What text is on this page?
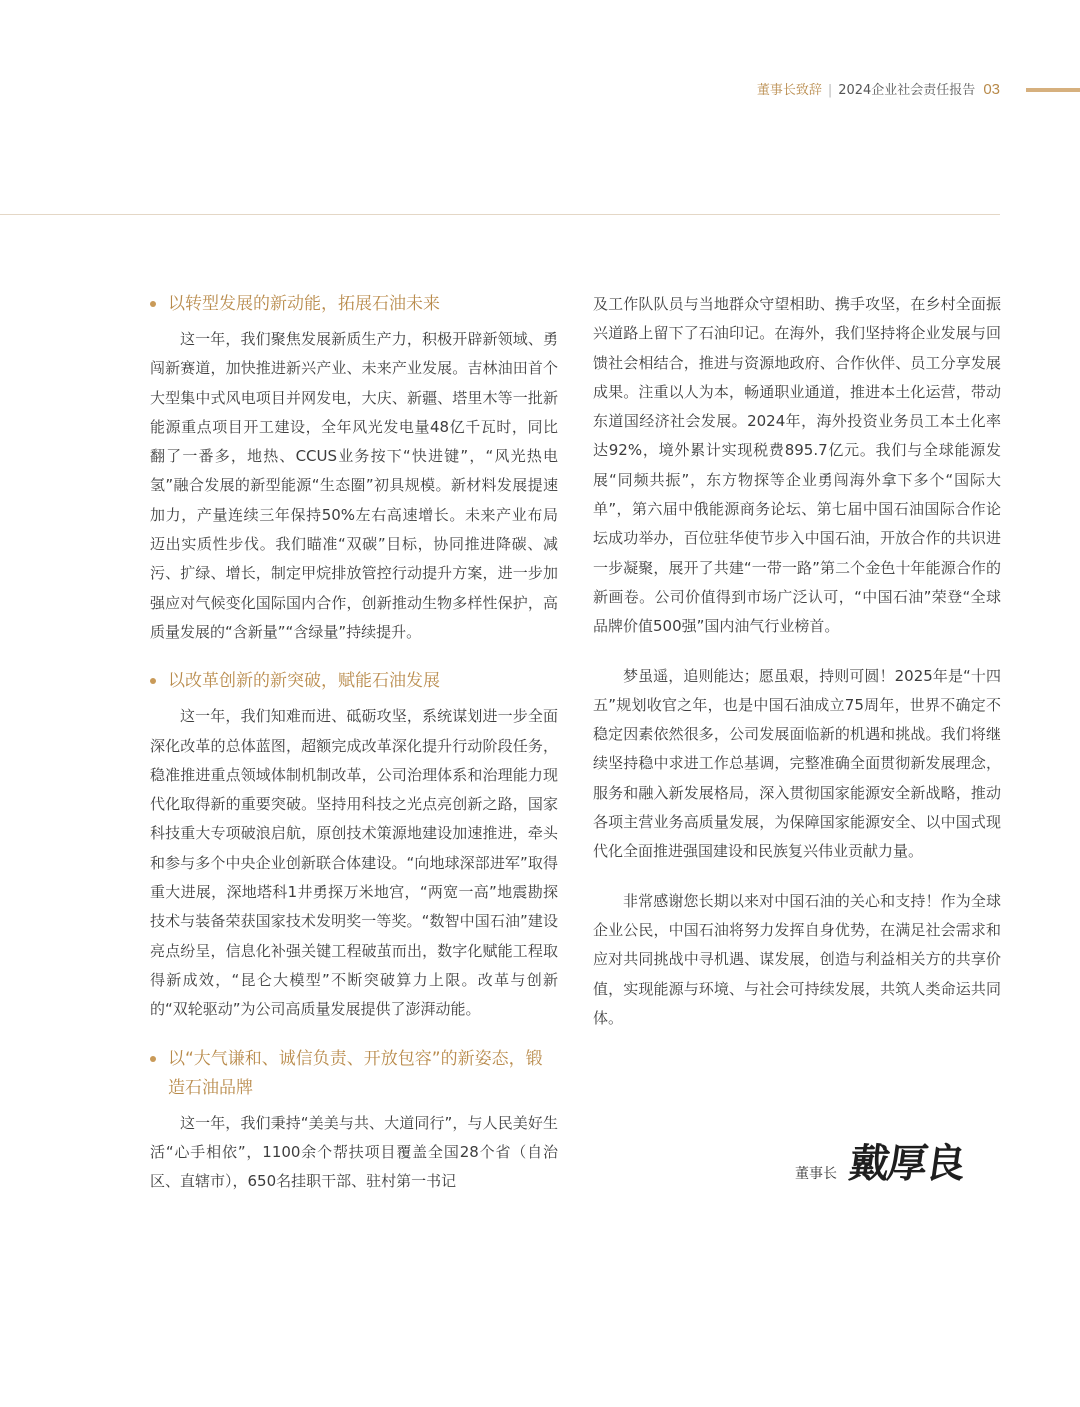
董事长致辞 | 2024企业社会责任报告 03
以转型发展的新动能，拓展石油未来

这一年，我们聚焦发展新质生产力，积极开辟新领域、勇闯新赛道，加快推进新兴产业、未来产业发展。吉林油田首个大型集中式风电项目并网发电，大庆、新疆、塔里木等一批新能源重点项目开工建设，全年风光发电量48亿千瓦时，同比翻了一番多，地热、CCUS业务按下“快进键”，“风光热电氢”融合发展的新型能源“生态圈”初具规模。新材料发展提速加力，产量连续三年保持50%左右高速增长。未来产业布局迈出实质性步伐。我们瞄准“双碳”目标，协同推进降碳、减污、扩绿、增长，制定甲烷排放管控行动提升方案，进一步加强应对气候变化国际国内合作，创新推动生物多样性保护，高质量发展的“含新量”“含绿量”持续提升。

以改革创新的新突破，赋能石油发展

这一年，我们知难而进、砥砺攻坚，系统谋划进一步全面深化改革的总体蓝图，超额完成改革深化提升行动阶段任务，稳准推进重点领域体制机制改革，公司治理体系和治理能力现代化取得新的重要突破。坚持用科技之光点亮创新之路，国家科技重大专项破浪启航，原创技术策源地建设加速推进，牵头和参与多个中央企业创新联合体建设。“向地球深部进军”取得重大进展，深地塔科1井勇探万米地宫，“两宽一高”地震勘探技术与装备荣获国家技术发明奖一等奖。“数智中国石油”建设亮点纷呈，信息化补强关键工程破茧而出，数字化赋能工程取得新成效，“昆仑大模型”不断突破算力上限。改革与创新的“双轮驱动”为公司高质量发展提供了澎湃动能。

以“大气谦和、诚信负责、开放包容”的新姿态，锻造石油品牌

这一年，我们秉持“美美与共、大道同行”，与人民美好生活“心手相依”，1100余个帮扶项目覆盖全国28个省（自治区、直辖市），650名挂职干部、驻村第一书记

及工作队队员与当地群众守望相助、携手攻坚，在乡村全面振兴道路上留下了石油印记。在海外，我们坚持将企业发展与回馈社会相结合，推进与资源地政府、合作伙伴、员工分享发展成果。注重以人为本，畅通职业通道，推进本土化运营，带动东道国经济社会发展。2024年，海外投资业务员工本土化率达92%，境外累计实现税费895.7亿元。我们与全球能源发展“同频共振”，东方物探等企业勇闯海外拿下多个“国际大单”，第六届中俄能源商务论坛、第七届中国石油国际合作论坛成功举办，百位驻华使节步入中国石油，开放合作的共识进一步凝聚，展开了共建“一带一路”第二个金色十年能源合作的新画卷。公司价值得到市场广泛认可，“中国石油”荣登“全球品牌价值500强”国内油气行业榜首。

梦虽遥，追则能达；愿虽艰，持则可圆！2025年是“十四五”规划收官之年，也是中国石油成立75周年，世界不确定不稳定因素依然很多，公司发展面临新的机遇和挑战。我们将继续坚持稳中求进工作总基调，完整准确全面贯彻新发展理念，服务和融入新发展格局，深入贯彻国家能源安全新战略，推动各项主营业务高质量发展，为保障国家能源安全、以中国式现代化全面推进强国建设和民族复兴伟业贡献力量。

非常感谢您长期以来对中国石油的关心和支持！作为全球企业公民，中国石油将努力发挥自身优势，在满足社会需求和应对共同挑战中寻机遇、谋发展，创造与利益相关方的共享价值，实现能源与环境、与社会可持续发展，共筑人类命运共同体。

董事长 戴厚良
